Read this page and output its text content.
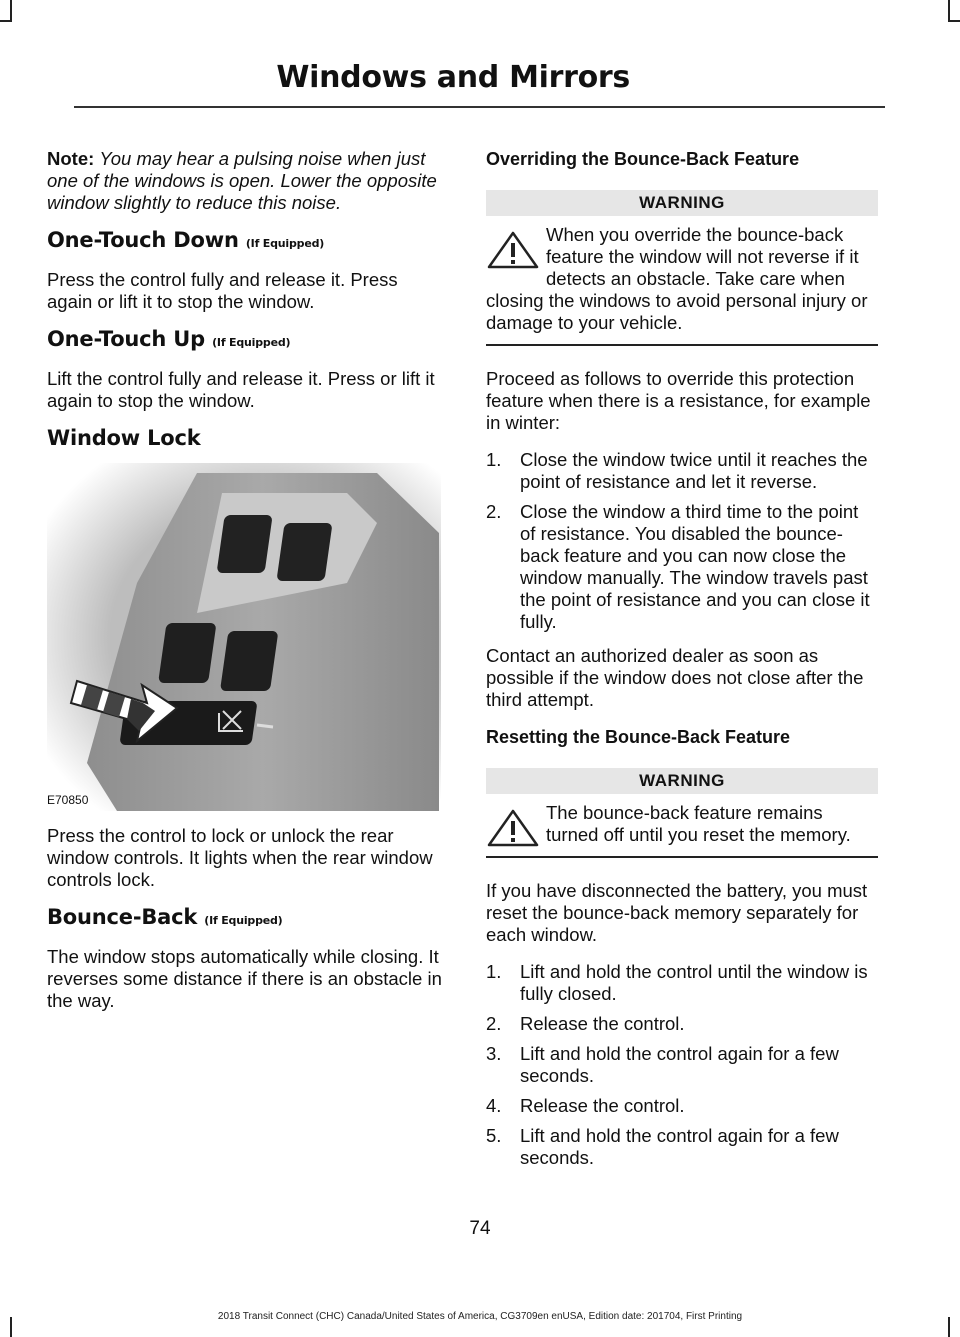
Windows and Mirrors

Note: You may hear a pulsing noise when just one of the windows is open. Lower the opposite window slightly to reduce this noise.

One-Touch Down (If Equipped)

Press the control fully and release it. Press again or lift it to stop the window.

One-Touch Up (If Equipped)

Lift the control fully and release it. Press or lift it again to stop the window.

Window Lock
E70850

Press the control to lock or unlock the rear window controls. It lights when the rear window controls lock.

Bounce-Back (If Equipped)

The window stops automatically while closing. It reverses some distance if there is an obstacle in the way.

Overriding the Bounce-Back Feature
WARNING

When you override the bounce-back feature the window will not reverse if it detects an obstacle. Take care when closing the windows to avoid personal injury or damage to your vehicle.

Proceed as follows to override this protection feature when there is a resistance, for example in winter:

1. Close the window twice until it reaches the point of resistance and let it reverse.
2. Close the window a third time to the point of resistance. You disabled the bounce-back feature and you can now close the window manually. The window travels past the point of resistance and you can close it fully.

Contact an authorized dealer as soon as possible if the window does not close after the third attempt.

Resetting the Bounce-Back Feature
WARNING

The bounce-back feature remains turned off until you reset the memory.

If you have disconnected the battery, you must reset the bounce-back memory separately for each window.

1. Lift and hold the control until the window is fully closed.
2. Release the control.
3. Lift and hold the control again for a few seconds.
4. Release the control.
5. Lift and hold the control again for a few seconds.
74
2018 Transit Connect (CHC) Canada/United States of America, CG3709en enUSA, Edition date: 201704, First Printing
